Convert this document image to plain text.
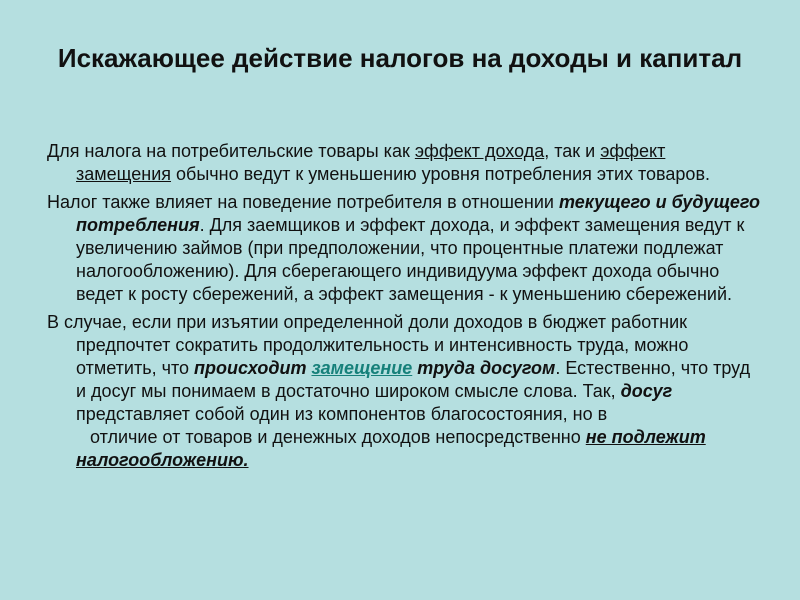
Искажающее действие налогов на доходы и капитал

Для налога на потребительские товары как эффект дохода, так и эффект замещения обычно ведут к уменьшению уровня потребления этих товаров.

Налог также влияет на поведение потребителя в отношении текущего и будущего потребления. Для заемщиков и эффект дохода, и эффект замещения ведут к увеличению займов (при предположении, что процентные платежи подлежат налогообложению). Для сберегающего индивидуума эффект дохода обычно ведет к росту сбережений, а эффект замещения - к уменьшению сбережений.

В случае, если при изъятии определенной доли доходов в бюджет работник предпочтет сократить продолжительность и интенсивность труда, можно отметить, что происходит замещение труда досугом. Естественно, что труд и досуг мы понимаем в достаточно широком смысле слова. Так, досуг представляет собой один из компонентов благосостояния, но в
отличие от товаров и денежных доходов непосредственно не подлежит налогообложению.
